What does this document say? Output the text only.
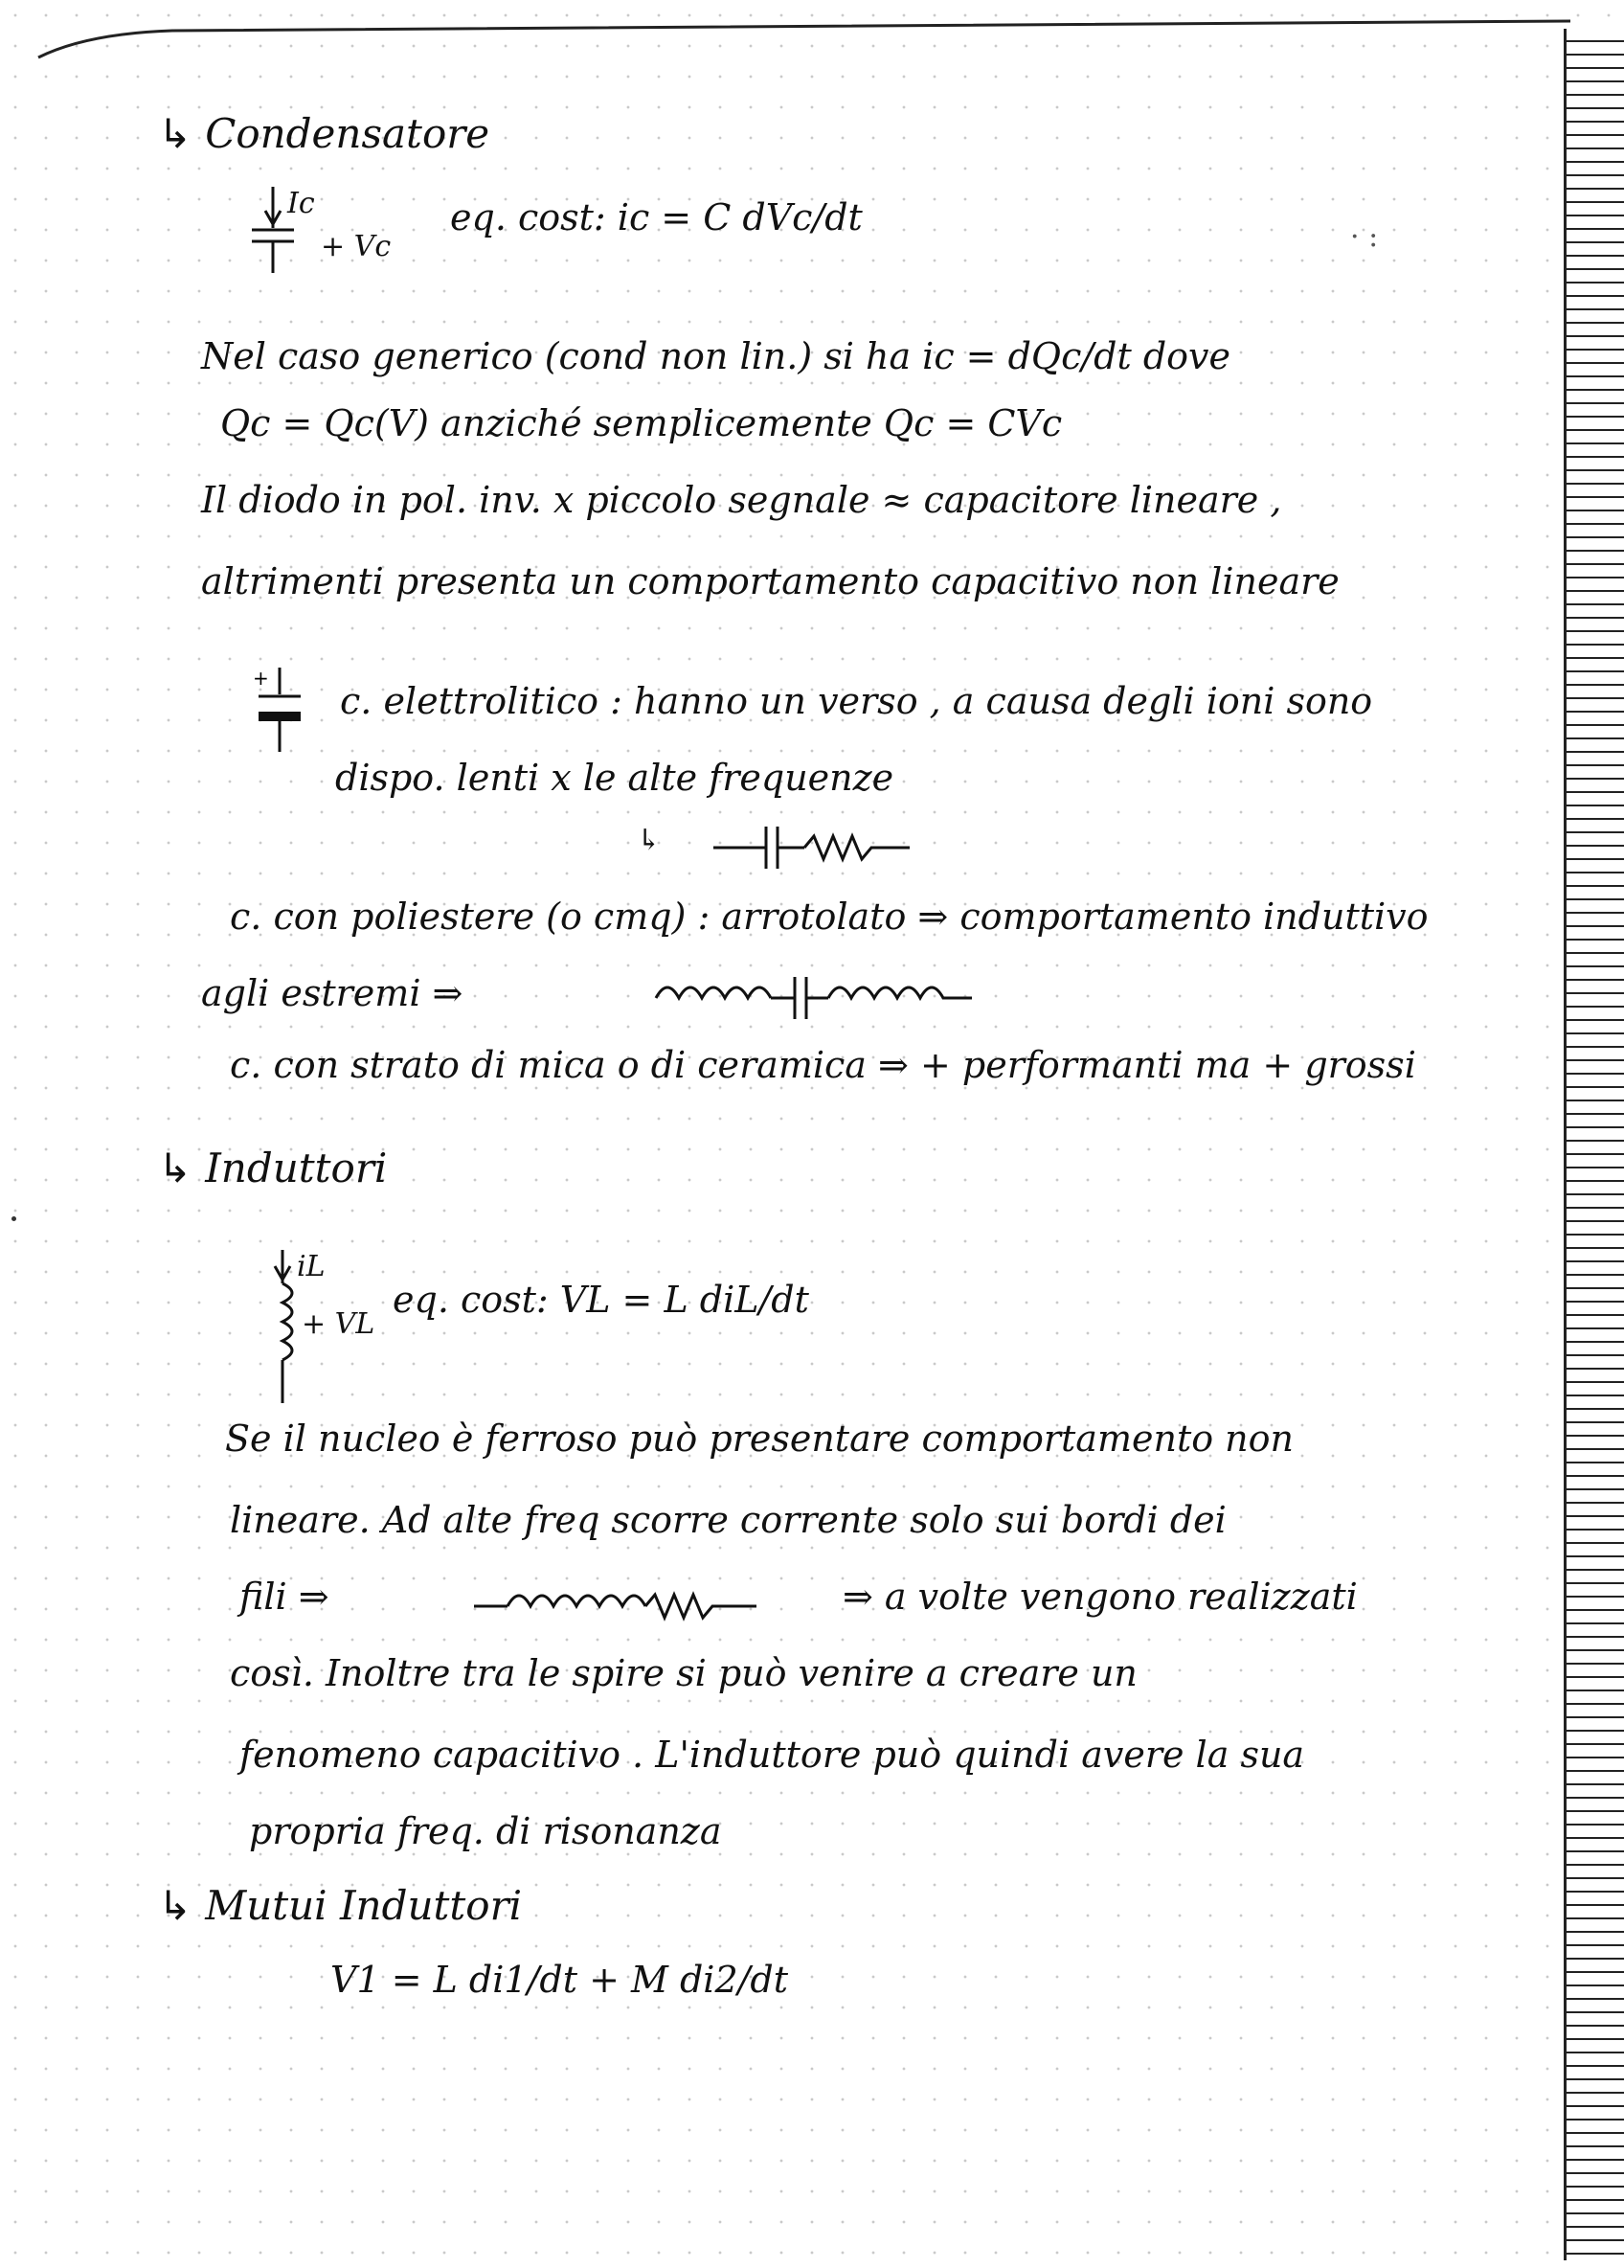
↳ Condensatore
Ic
+ Vc
eq. cost: ic = C dVc/dt	· :
Nel caso generico (cond non lin.) si ha ic = dQc/dt dove
Qc = Qc(V) anziché semplicemente Qc = CVc
Il diodo in pol. inv. x piccolo segnale ≈ capacitore lineare ,
altrimenti presenta un comportamento capacitivo non lineare
+
c. elettrolitico : hanno un verso , a causa degli ioni sono
dispo. lenti x le alte frequenze
↳
c. con poliestere (o cmq) : arrotolato ⇒ comportamento induttivo
agli estremi ⇒
c. con strato di mica o di ceramica ⇒ + performanti ma + grossi
↳ Induttori
iL
+ VL
eq. cost: VL = L diL/dt
Se il nucleo è ferroso può presentare comportamento non
lineare. Ad alte freq scorre corrente solo sui bordi dei
fili ⇒	⇒ a volte vengono realizzati
così. Inoltre tra le spire si può venire a creare un
fenomeno capacitivo . L'induttore può quindi avere la sua
propria freq. di risonanza
↳ Mutui Induttori
V1 = L di1/dt + M di2/dt
